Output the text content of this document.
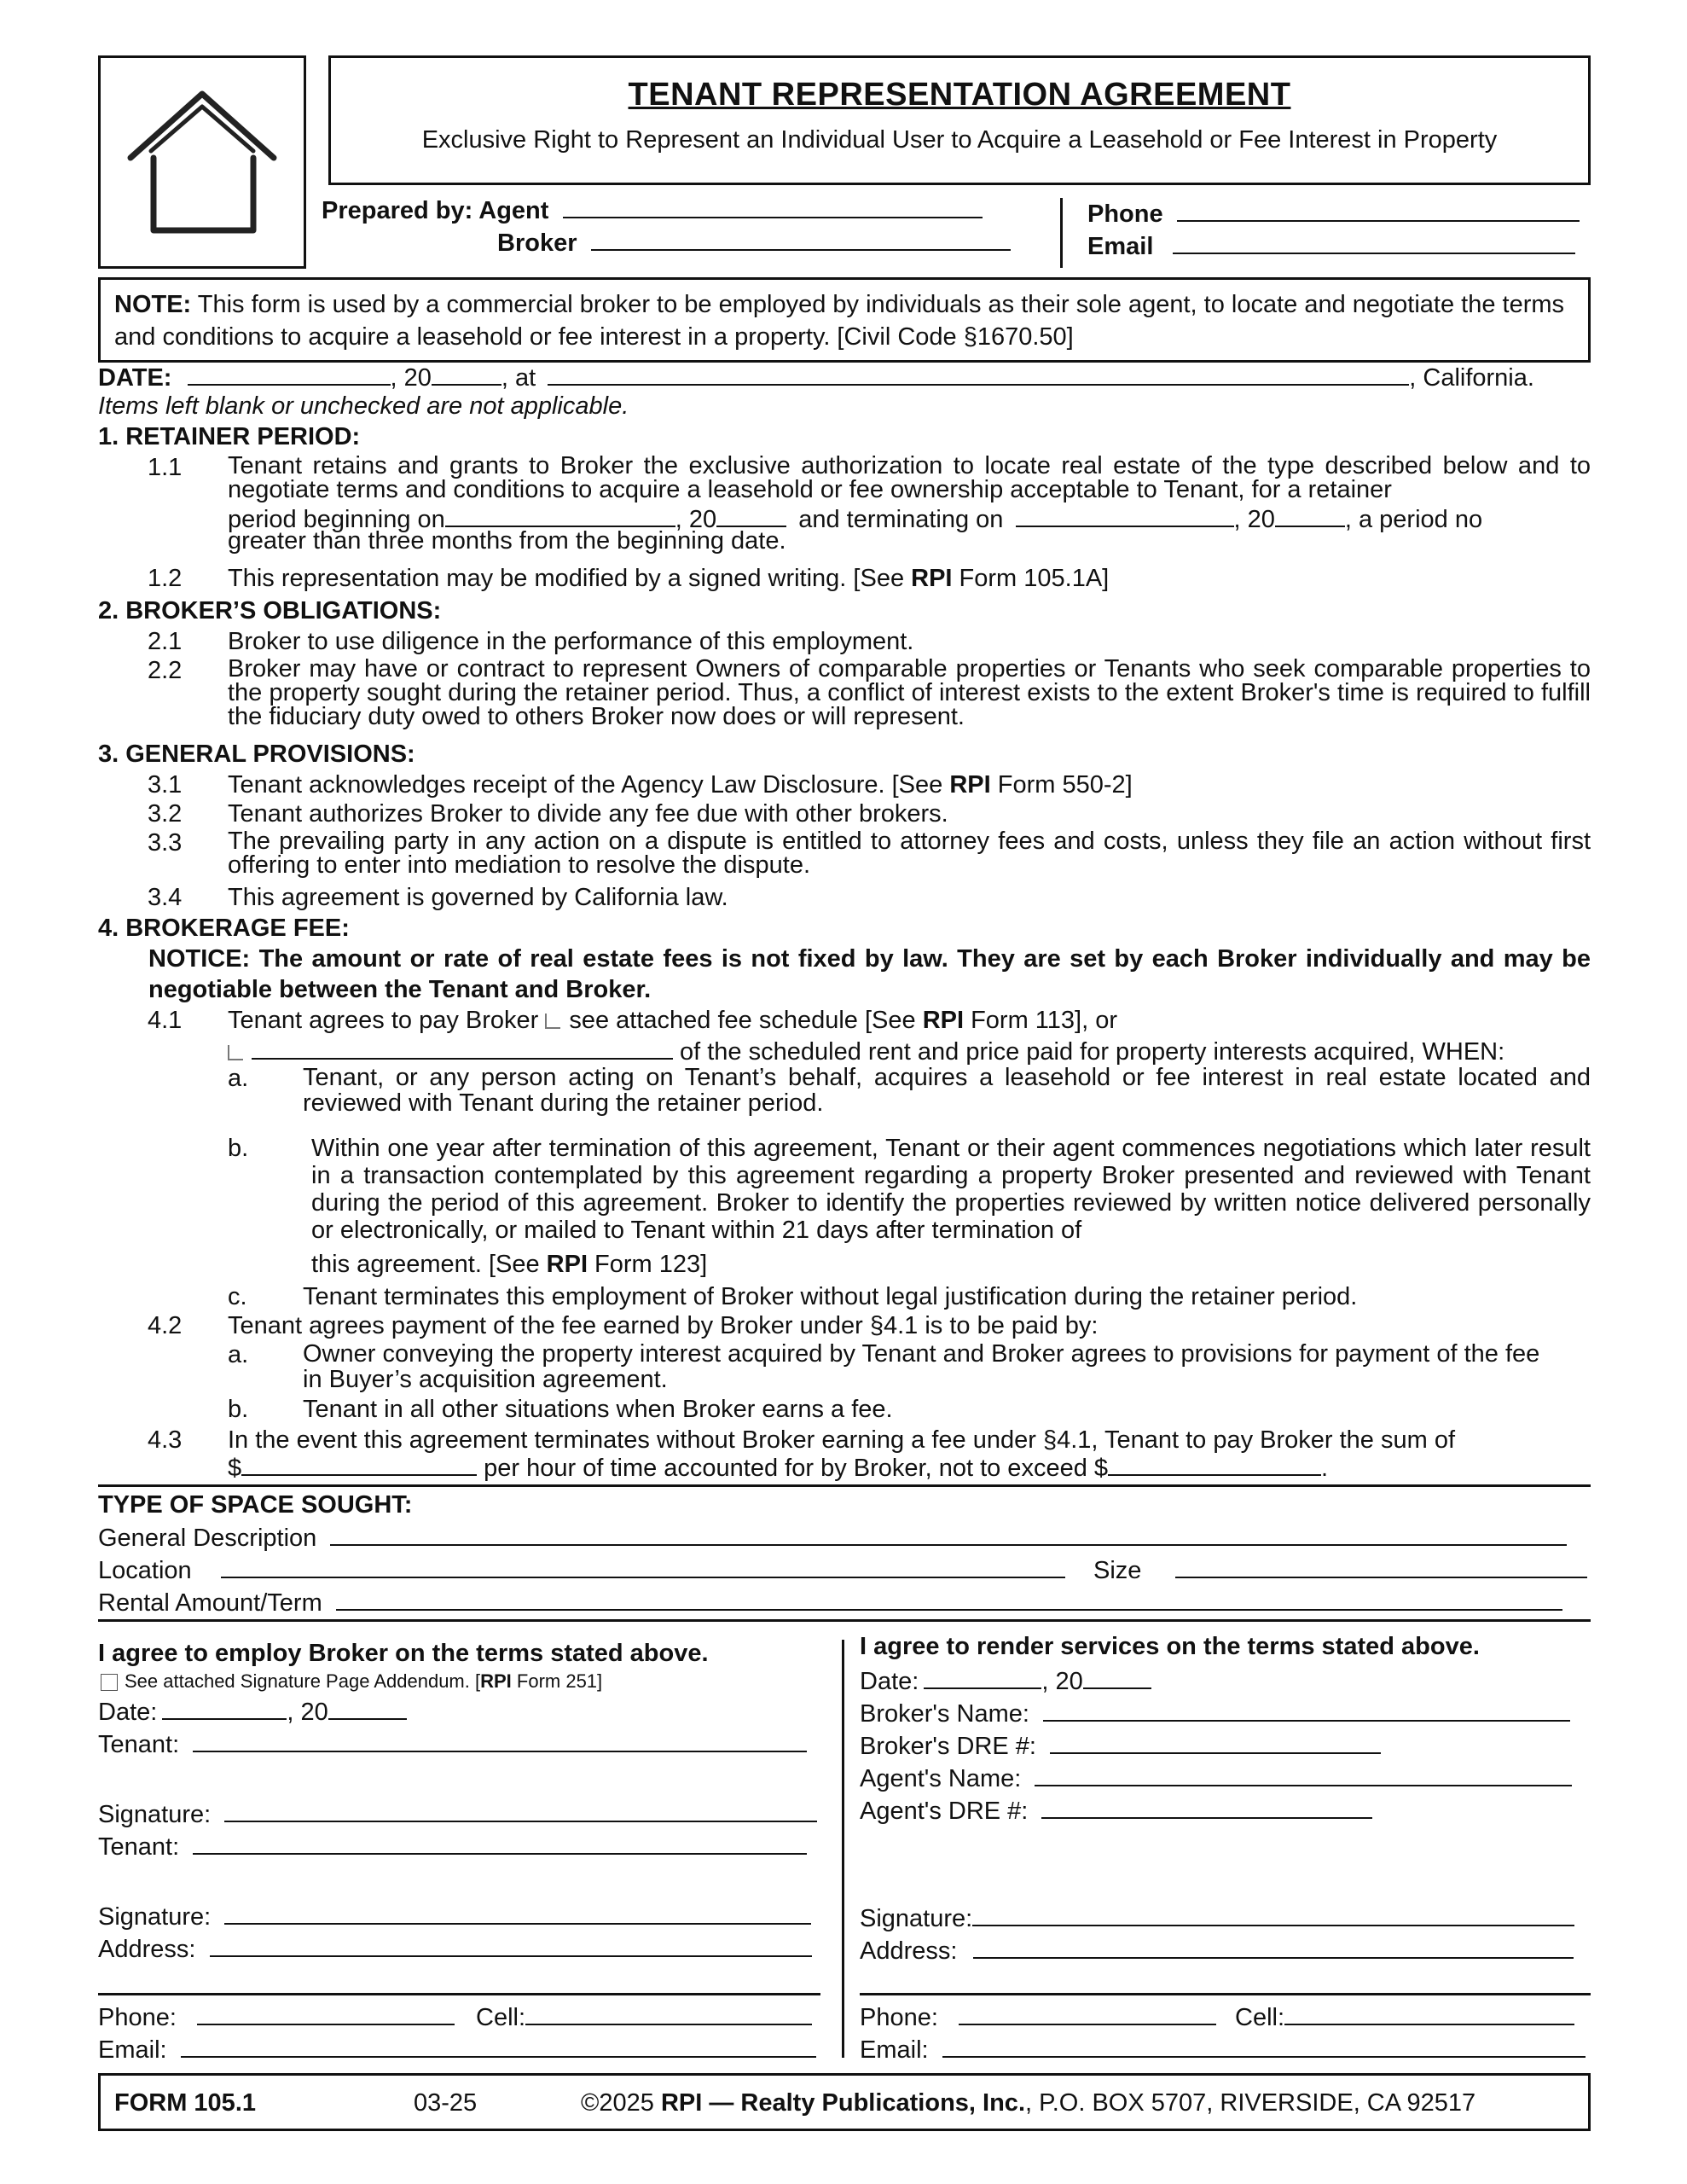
TENANT REPRESENTATION AGREEMENT
Exclusive Right to Represent an Individual User to Acquire a Leasehold or Fee Interest in Property
Prepared by: Agent
Broker
Phone
Email
NOTE: This form is used by a commercial broker to be employed by individuals as their sole agent, to locate and negotiate the terms and conditions to acquire a leasehold or fee interest in a property. [Civil Code §1670.50]
DATE:	, 20	, at	, California.
Items left blank or unchecked are not applicable.
1. RETAINER PERIOD:
1.1 Tenant retains and grants to Broker the exclusive authorization to locate real estate of the type described below and to negotiate terms and conditions to acquire a leasehold or fee ownership acceptable to Tenant, for a retainer
period beginning on	, 20	and terminating on	, 20	, a period no
greater than three months from the beginning date.
1.2 This representation may be modified by a signed writing. [See RPI Form 105.1A]
2. BROKER’S OBLIGATIONS:
2.1 Broker to use diligence in the performance of this employment.
2.2 Broker may have or contract to represent Owners of comparable properties or Tenants who seek comparable properties to the property sought during the retainer period. Thus, a conflict of interest exists to the extent Broker's time is required to fulfill the fiduciary duty owed to others Broker now does or will represent.
3. GENERAL PROVISIONS:
3.1 Tenant acknowledges receipt of the Agency Law Disclosure. [See RPI Form 550-2]
3.2 Tenant authorizes Broker to divide any fee due with other brokers.
3.3 The prevailing party in any action on a dispute is entitled to attorney fees and costs, unless they file an action without first offering to enter into mediation to resolve the dispute.
3.4 This agreement is governed by California law.
4. BROKERAGE FEE:
NOTICE: The amount or rate of real estate fees is not fixed by law. They are set by each Broker individually and may be negotiable between the Tenant and Broker.
4.1 Tenant agrees to pay Broker see attached fee schedule [See RPI Form 113], or
of the scheduled rent and price paid for property interests acquired, WHEN:
a. Tenant, or any person acting on Tenant’s behalf, acquires a leasehold or fee interest in real estate located and reviewed with Tenant during the retainer period.
b.	Within one year after termination of this agreement, Tenant or their agent commences negotiations which later result in a transaction contemplated by this agreement regarding a property Broker presented and reviewed with Tenant during the period of this agreement. Broker to identify the properties reviewed by written notice delivered personally or electronically, or mailed to Tenant within 21 days after termination of
this agreement. [See RPI Form 123]
c. Tenant terminates this employment of Broker without legal justification during the retainer period.
4.2 Tenant agrees payment of the fee earned by Broker under §4.1 is to be paid by:
a. Owner conveying the property interest acquired by Tenant and Broker agrees to provisions for payment of the fee in Buyer’s acquisition agreement.
b. Tenant in all other situations when Broker earns a fee.
4.3 In the event this agreement terminates without Broker earning a fee under §4.1, Tenant to pay Broker the sum of
$	per hour of time accounted for by Broker, not to exceed $	.
TYPE OF SPACE SOUGHT:
General Description
Location	Size
Rental Amount/Term
I agree to employ Broker on the terms stated above.
See attached Signature Page Addendum. [RPI Form 251]
Date:	, 20
Tenant:
Signature:
Tenant:
Signature:
Address:
Phone:	Cell:
Email:
I agree to render services on the terms stated above.
Date:	, 20
Broker's Name:
Broker's DRE #:
Agent's Name:
Agent's DRE #:
Signature:
Address:
Phone:	Cell:
Email:
FORM 105.1	03-25	©2025 RPI — Realty Publications, Inc., P.O. BOX 5707, RIVERSIDE, CA 92517
